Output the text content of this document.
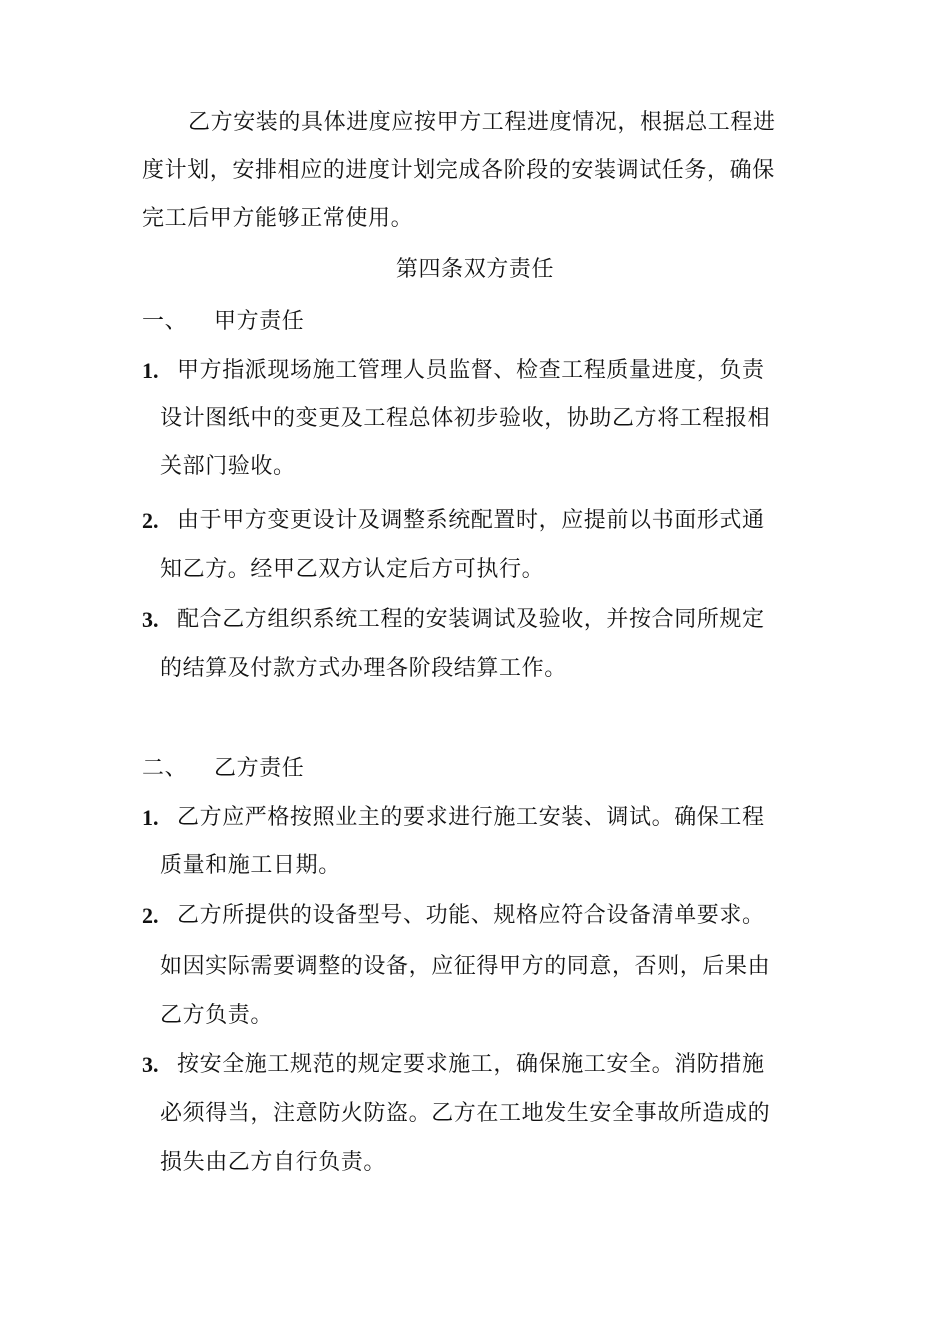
乙方安装的具体进度应按甲方工程进度情况，根据总工程进
度计划，安排相应的进度计划完成各阶段的安装调试任务，确保
完工后甲方能够正常使用。
第四条双方责任
一、 甲方责任
1. 甲方指派现场施工管理人员监督、检查工程质量进度，负责
设计图纸中的变更及工程总体初步验收，协助乙方将工程报相
关部门验收。
2. 由于甲方变更设计及调整系统配置时，应提前以书面形式通
知乙方。经甲乙双方认定后方可执行。
3. 配合乙方组织系统工程的安装调试及验收，并按合同所规定
的结算及付款方式办理各阶段结算工作。
二、 乙方责任
1. 乙方应严格按照业主的要求进行施工安装、调试。确保工程
质量和施工日期。
2. 乙方所提供的设备型号、功能、规格应符合设备清单要求。
如因实际需要调整的设备，应征得甲方的同意，否则，后果由
乙方负责。
3. 按安全施工规范的规定要求施工，确保施工安全。消防措施
必须得当，注意防火防盗。乙方在工地发生安全事故所造成的
损失由乙方自行负责。
